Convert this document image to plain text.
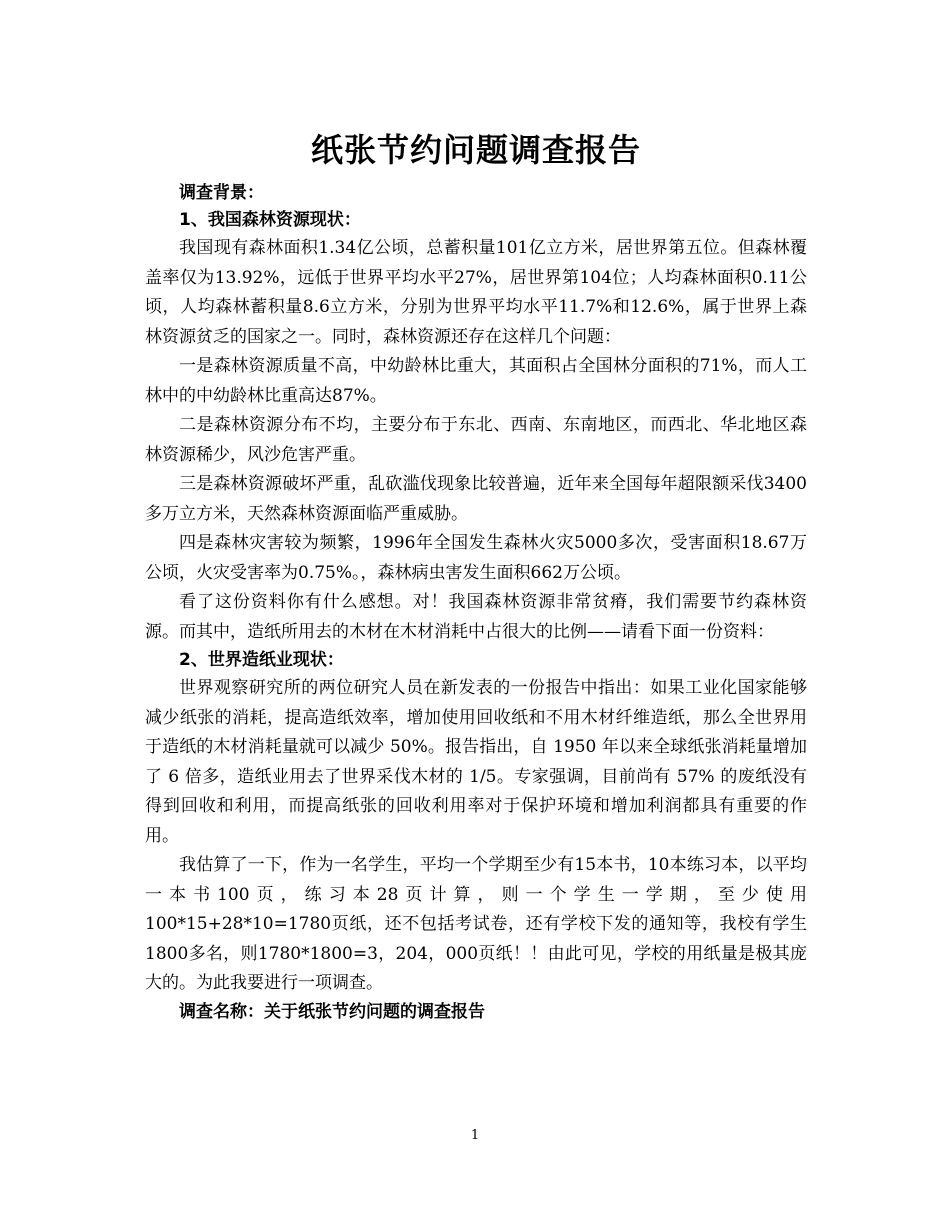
纸张节约问题调查报告

调查背景：

1、我国森林资源现状：

我国现有森林面积1.34亿公顷，总蓄积量101亿立方米，居世界第五位。但森林覆盖率仅为13.92%，远低于世界平均水平27%，居世界第104位；人均森林面积0.11公顷，人均森林蓄积量8.6立方米，分别为世界平均水平11.7%和12.6%，属于世界上森林资源贫乏的国家之一。同时，森林资源还存在这样几个问题：

一是森林资源质量不高，中幼龄林比重大，其面积占全国林分面积的71%，而人工林中的中幼龄林比重高达87%。

二是森林资源分布不均，主要分布于东北、西南、东南地区，而西北、华北地区森林资源稀少，风沙危害严重。

三是森林资源破坏严重，乱砍滥伐现象比较普遍，近年来全国每年超限额采伐3400多万立方米，天然森林资源面临严重威胁。

四是森林灾害较为频繁，1996年全国发生森林火灾5000多次，受害面积18.67万公顷，火灾受害率为0.75%。，森林病虫害发生面积662万公顷。

看了这份资料你有什么感想。对！我国森林资源非常贫瘠，我们需要节约森林资源。而其中，造纸所用去的木材在木材消耗中占很大的比例——请看下面一份资料：

2、世界造纸业现状：

世界观察研究所的两位研究人员在新发表的一份报告中指出：如果工业化国家能够减少纸张的消耗，提高造纸效率，增加使用回收纸和不用木材纤维造纸，那么全世界用于造纸的木材消耗量就可以减少 50%。报告指出，自 1950 年以来全球纸张消耗量增加了 6 倍多，造纸业用去了世界采伐木材的 1/5。专家强调，目前尚有 57% 的废纸没有得到回收和利用，而提高纸张的回收利用率对于保护环境和增加利润都具有重要的作用。

我估算了一下，作为一名学生，平均一个学期至少有15本书，10本练习本，以平均一本书100页，练习本28页计算，则一个学生一学期，至少使用100*15+28*10=1780页纸，还不包括考试卷，还有学校下发的通知等，我校有学生1800多名，则1780*1800=3，204，000页纸！！由此可见，学校的用纸量是极其庞大的。为此我要进行一项调查。

调查名称：关于纸张节约问题的调查报告

1
